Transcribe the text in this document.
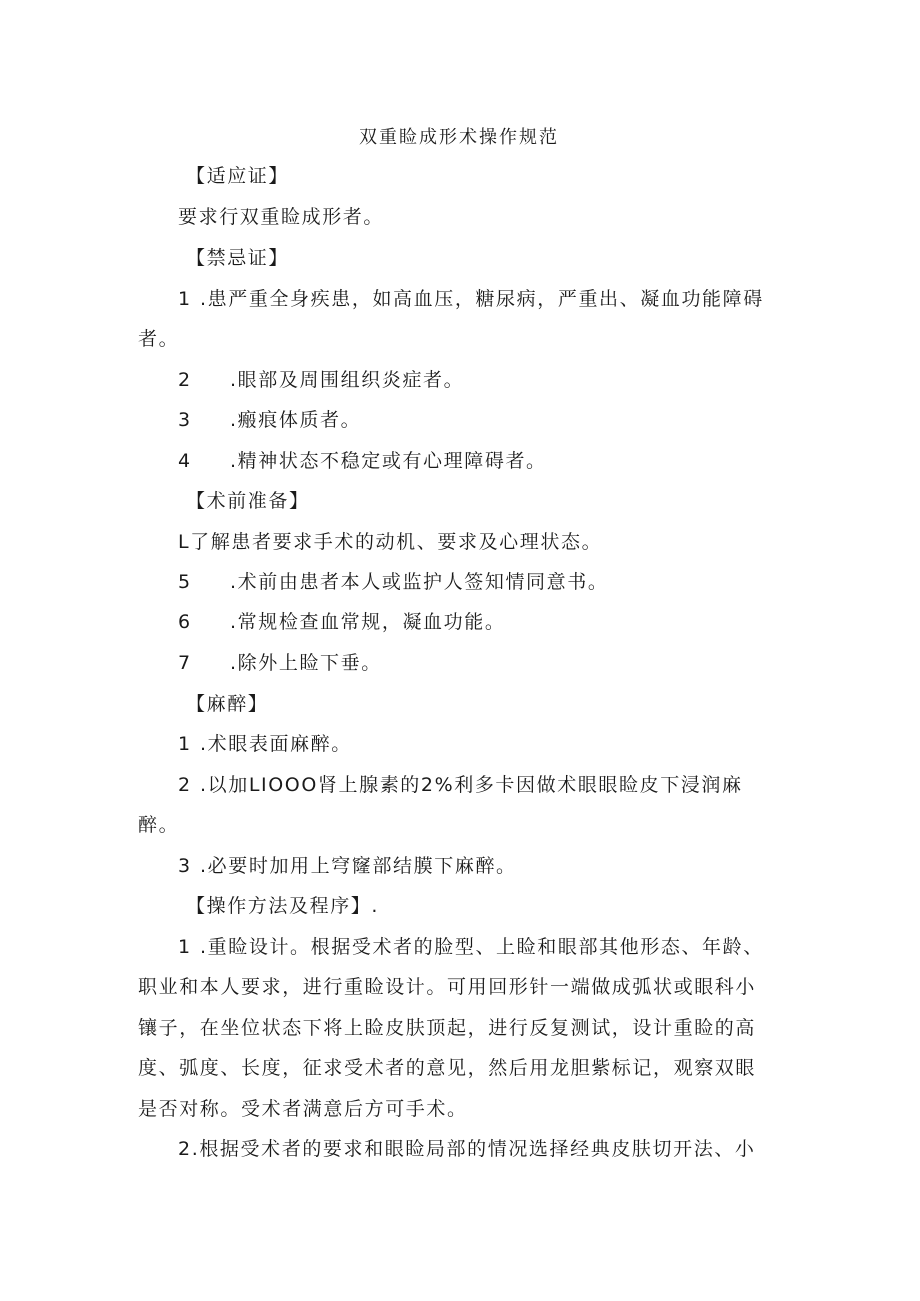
双重睑成形术操作规范
【适应证】
要求行双重睑成形者。
【禁忌证】
1 .患严重全身疾患，如高血压，糖尿病，严重出、凝血功能障碍
者。
2 .眼部及周围组织炎症者。
3 .瘢痕体质者。
4 .精神状态不稳定或有心理障碍者。
【术前准备】
L了解患者要求手术的动机、要求及心理状态。
5 .术前由患者本人或监护人签知情同意书。
6 .常规检查血常规，凝血功能。
7 .除外上睑下垂。
【麻醉】
1 .术眼表面麻醉。
2 .以加LIOOO肾上腺素的2%利多卡因做术眼眼睑皮下浸润麻
醉。
3 .必要时加用上穹窿部结膜下麻醉。
【操作方法及程序】.
1 .重睑设计。根据受术者的脸型、上睑和眼部其他形态、年龄、
职业和本人要求，进行重睑设计。可用回形针一端做成弧状或眼科小
镶子，在坐位状态下将上睑皮肤顶起，进行反复测试，设计重睑的高
度、弧度、长度，征求受术者的意见，然后用龙胆紫标记，观察双眼
是否对称。受术者满意后方可手术。
2.根据受术者的要求和眼睑局部的情况选择经典皮肤切开法、小
